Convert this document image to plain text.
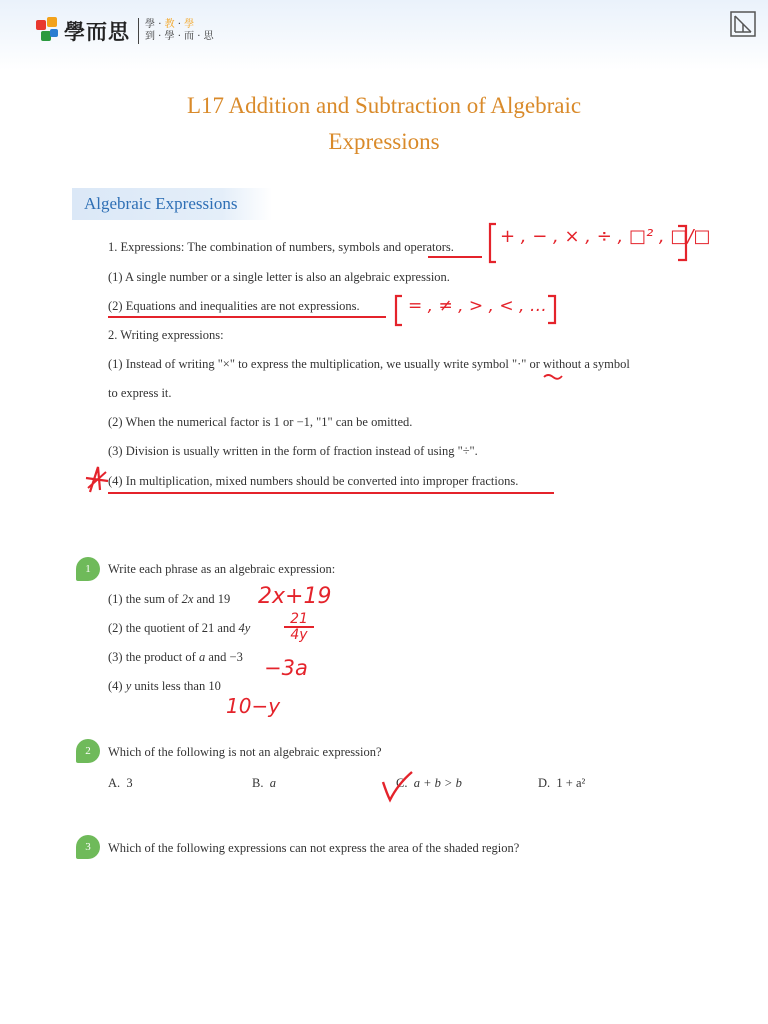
學而思 學 · 教 · 學
到 · 學 · 而 · 思
L17 Addition and Subtraction of Algebraic
Expressions
Algebraic Expressions
1. Expressions: The combination of numbers, symbols and operators.
(1) A single number or a single letter is also an algebraic expression.
(2) Equations and inequalities are not expressions.
2. Writing expressions:
(1) Instead of writing "×" to express the multiplication, we usually write symbol "·" or without a symbol
to express it.
(2) When the numerical factor is 1 or −1, "1" can be omitted.
(3) Division is usually written in the form of fraction instead of using "÷".
(4) In multiplication, mixed numbers should be converted into improper fractions.
+ , − , × , ÷ , □² , □/□
= , ≠ , > , < , …
1	Write each phrase as an algebraic expression:
(1) the sum of 2x and 19
(2) the quotient of 21 and 4y
(3) the product of a and −3
(4) y units less than 10
2x+19
21
4y
−3a
10−y
2	Which of the following is not an algebraic expression?
A. 3	B. a	C. a + b > b	D. 1 + a²
3	Which of the following expressions can not express the area of the shaded region?
